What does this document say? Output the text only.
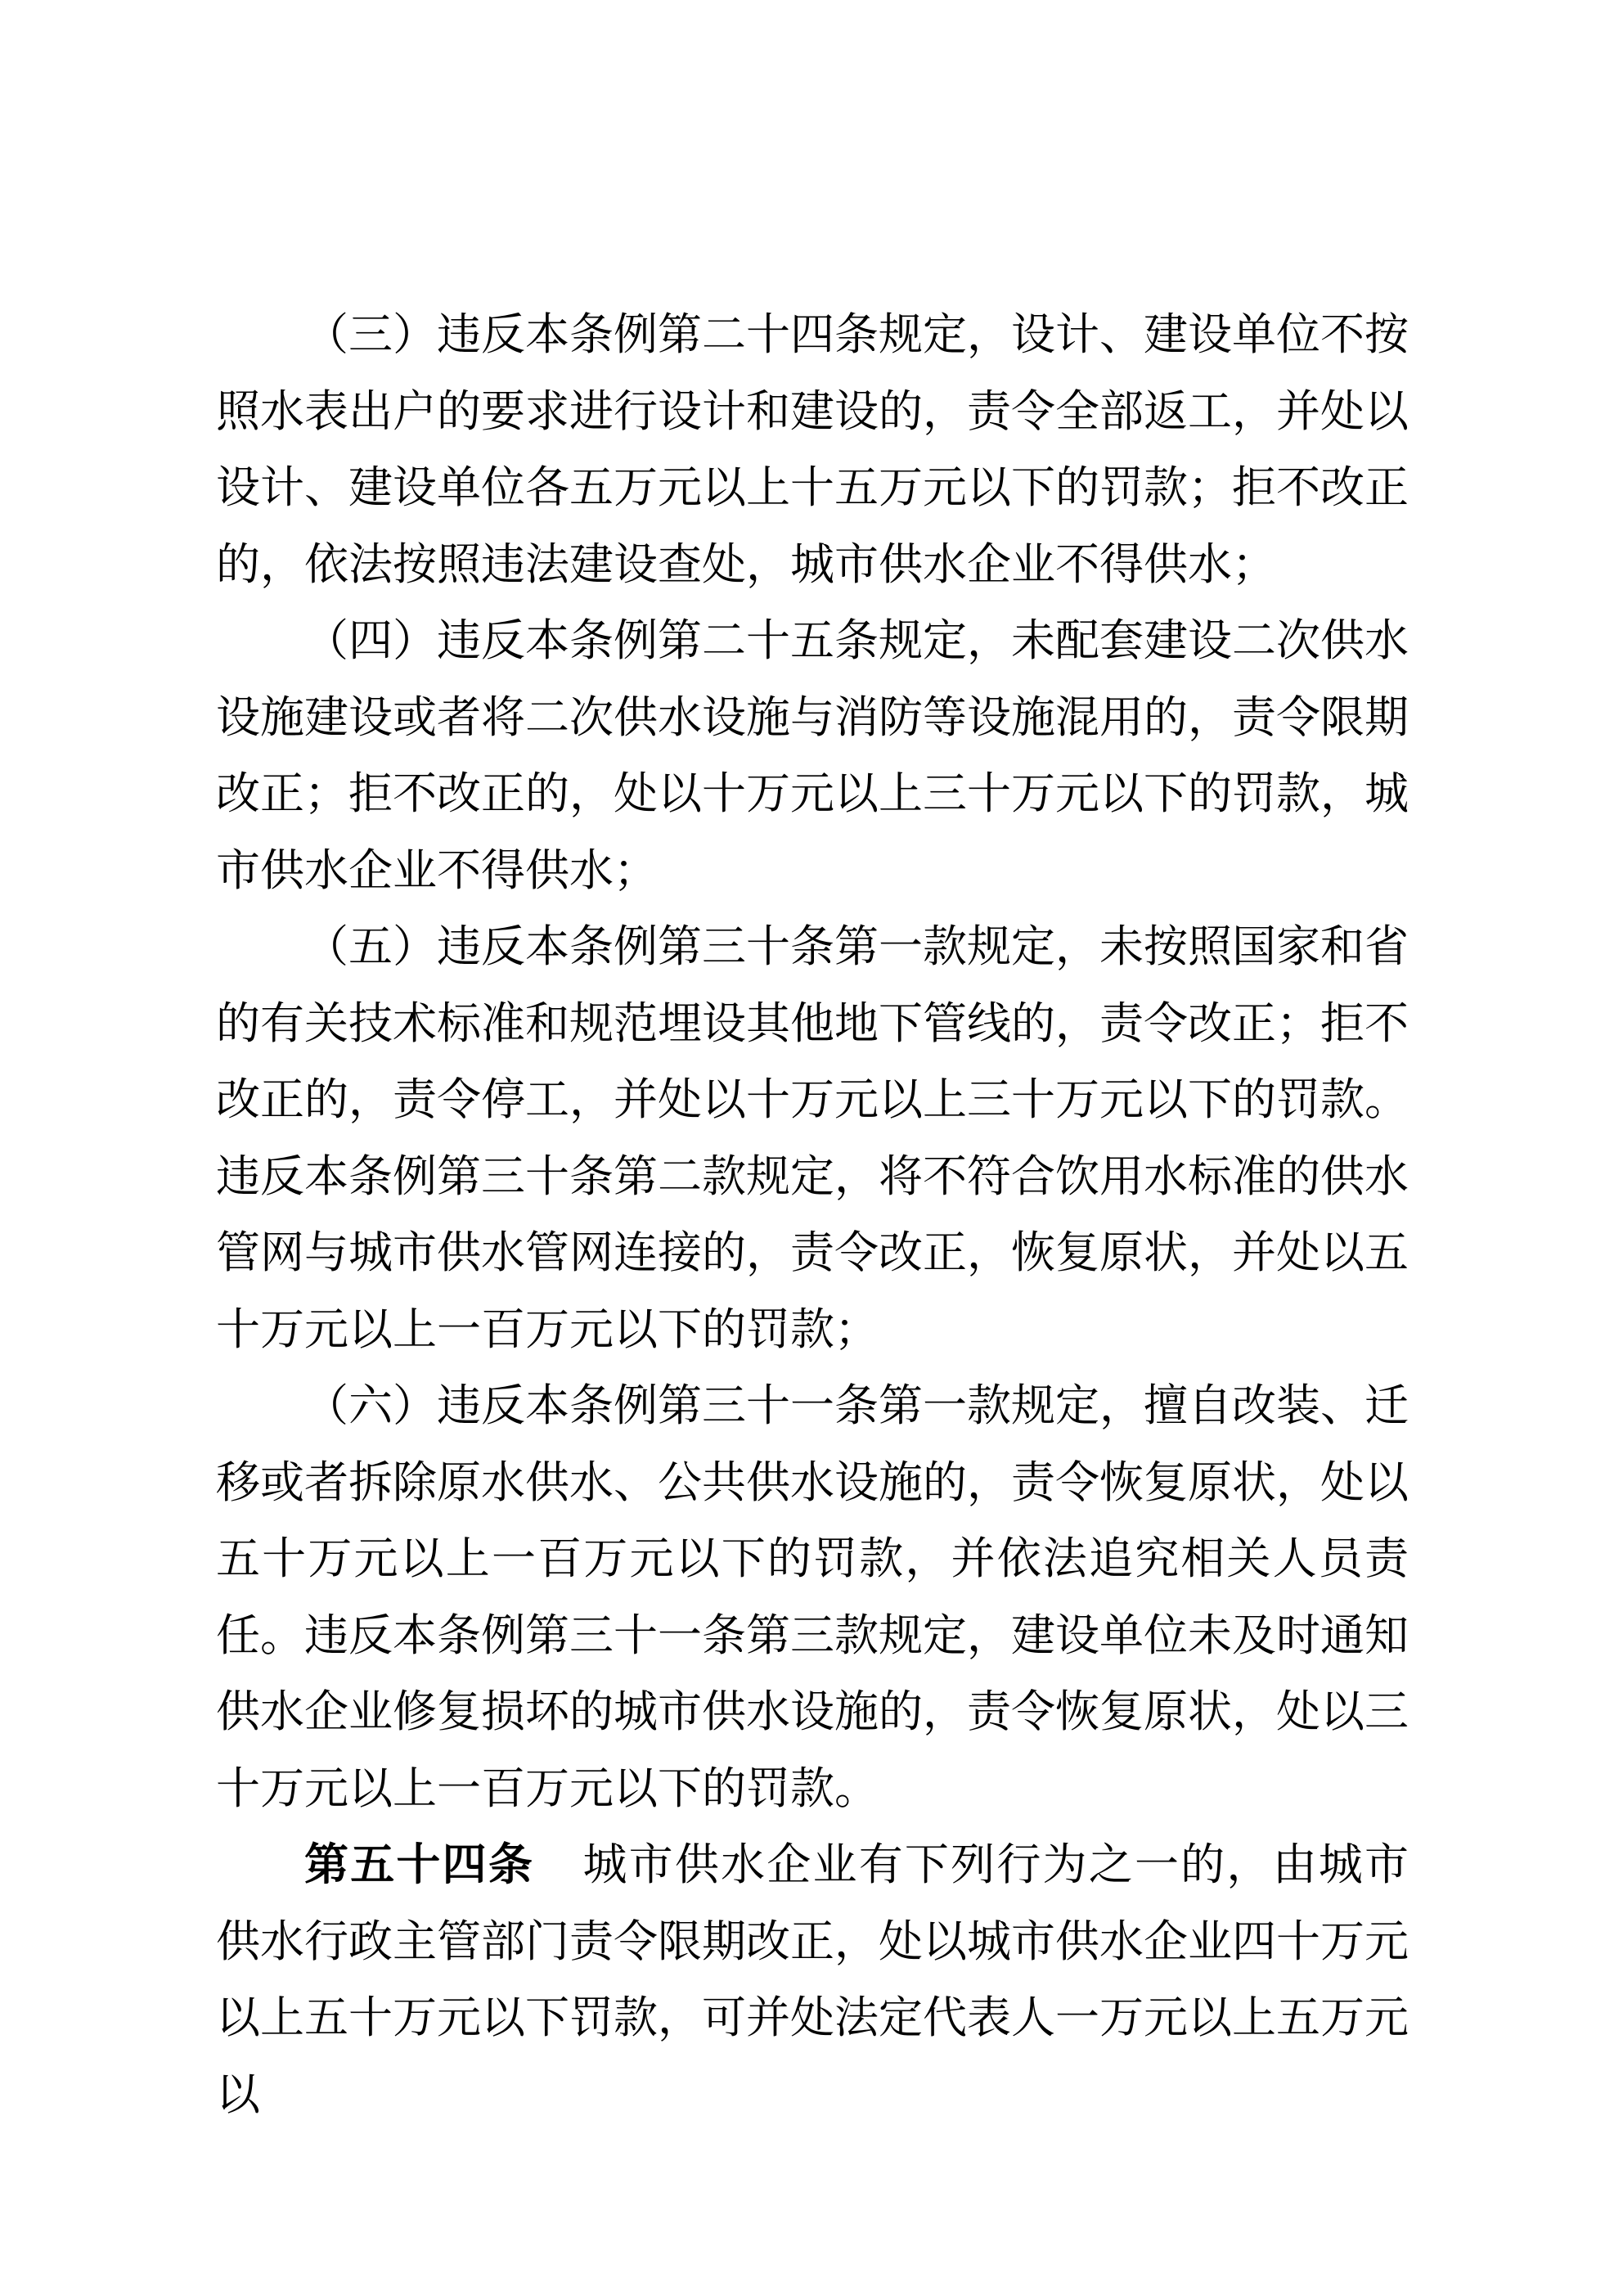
（三）违反本条例第二十四条规定，设计、建设单位不按照水表出户的要求进行设计和建设的，责令全部返工，并处以设计、建设单位各五万元以上十五万元以下的罚款；拒不改正的，依法按照违法建设查处，城市供水企业不得供水；

（四）违反本条例第二十五条规定，未配套建设二次供水设施建设或者将二次供水设施与消防等设施混用的，责令限期改正；拒不改正的，处以十万元以上三十万元以下的罚款，城市供水企业不得供水；

（五）违反本条例第三十条第一款规定，未按照国家和省的有关技术标准和规范埋设其他地下管线的，责令改正；拒不改正的，责令停工，并处以十万元以上三十万元以下的罚款。违反本条例第三十条第二款规定，将不符合饮用水标准的供水管网与城市供水管网连接的，责令改正，恢复原状，并处以五十万元以上一百万元以下的罚款；

（六）违反本条例第三十一条第一款规定，擅自改装、迁移或者拆除原水供水、公共供水设施的，责令恢复原状，处以五十万元以上一百万元以下的罚款，并依法追究相关人员责任。违反本条例第三十一条第三款规定，建设单位未及时通知供水企业修复损坏的城市供水设施的，责令恢复原状，处以三十万元以上一百万元以下的罚款。

第五十四条 城市供水企业有下列行为之一的，由城市供水行政主管部门责令限期改正，处以城市供水企业四十万元以上五十万元以下罚款，可并处法定代表人一万元以上五万元以
